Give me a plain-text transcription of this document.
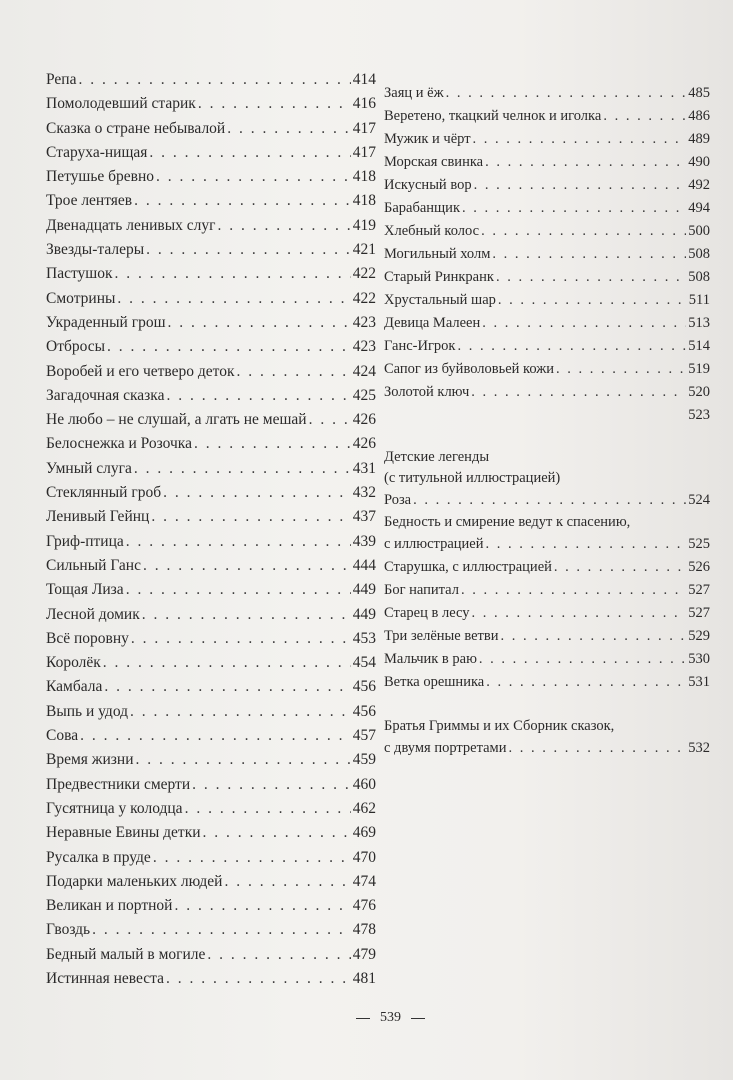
Репа . . .	414
Помолодевший старик . . .	416
Сказка о стране небывалой . . .	417
Старуха-нищая . . .	417
Петушье бревно . . .	418
Трое лентяев . . .	418
Двенадцать ленивых слуг . . .	419
Звезды-талеры . . .	421
Пастушок . . .	422
Смотрины . . .	422
Украденный грош . . .	423
Отбросы . . .	423
Воробей и его четверо деток . . .	424
Загадочная сказка . . .	425
Не любо – не слушай, а лгать не мешай . . .	426
Белоснежка и Розочка . . .	426
Умный слуга . . .	431
Стеклянный гроб . . .	432
Ленивый Гейнц . . .	437
Гриф-птица . . .	439
Сильный Ганс . . .	444
Тощая Лиза . . .	449
Лесной домик . . .	449
Всё поровну . . .	453
Королёк . . .	454
Камбала . . .	456
Выпь и удод . . .	456
Сова . . .	457
Время жизни . . .	459
Предвестники смерти . . .	460
Гусятница у колодца . . .	462
Неравные Евины детки . . .	469
Русалка в пруде . . .	470
Подарки маленьких людей . . .	474
Великан и портной . . .	476
Гвоздь . . .	478
Бедный малый в могиле . . .	479
Истинная невеста . . .	481
Заяц и ёж . . .	485
Веретено, ткацкий челнок и иголка . . .	486
Мужик и чёрт . . .	489
Морская свинка . . .	490
Искусный вор . . .	492
Барабанщик . . .	494
Хлебный колос . . .	500
Могильный холм . . .	508
Старый Ринкранк . . .	508
Хрустальный шар . . .	511
Девица Малеен . . .	513
Ганс-Игрок . . .	514
Сапог из буйволовьей кожи . . .	519
Золотой ключ . . .	520
523
Детские легенды
(с титульной иллюстрацией)
Роза . . .	524
Бедность и смирение ведут к спасению,
с иллюстрацией . . .	525
Старушка, с иллюстрацией . . .	526
Бог напитал . . .	527
Старец в лесу . . .	527
Три зелёные ветви . . .	529
Мальчик в раю . . .	530
Ветка орешника . . .	531
Братья Гриммы и их Сборник сказок,
с двумя портретами . . .	532
539
